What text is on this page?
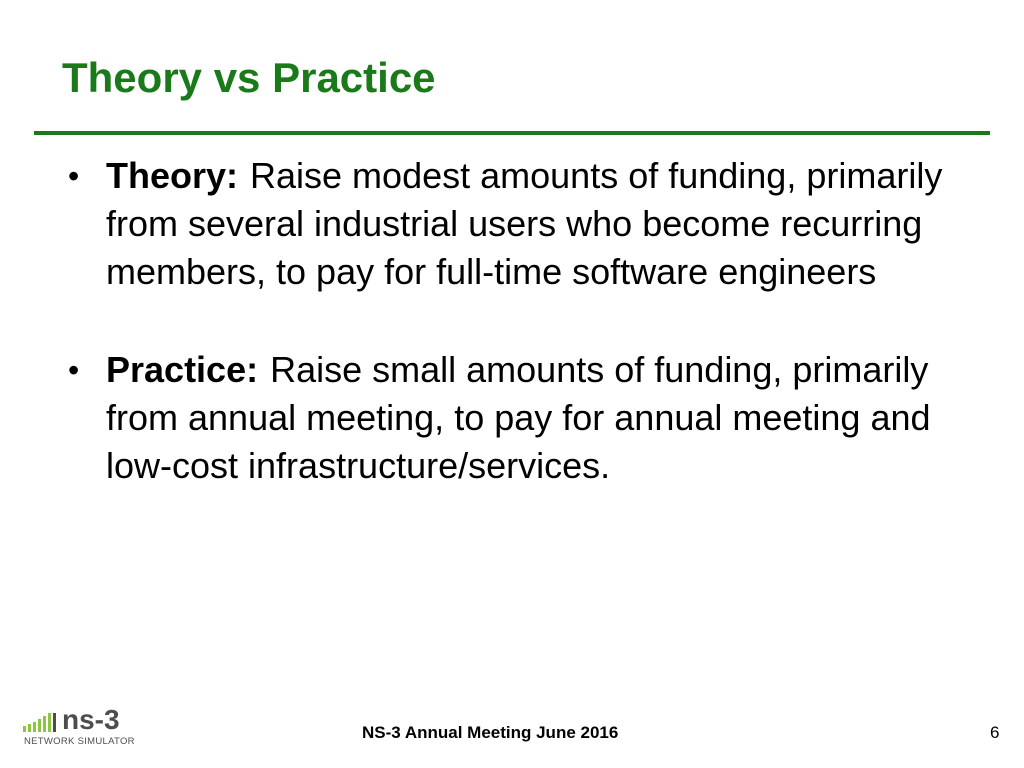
Theory vs Practice
• Theory: Raise modest amounts of funding, primarily from several industrial users who become recurring members, to pay for full-time software engineers
• Practice: Raise small amounts of funding, primarily from annual meeting, to pay for annual meeting and low-cost infrastructure/services.
ns-3
NETWORK SIMULATOR	NS-3 Annual Meeting June 2016	6
